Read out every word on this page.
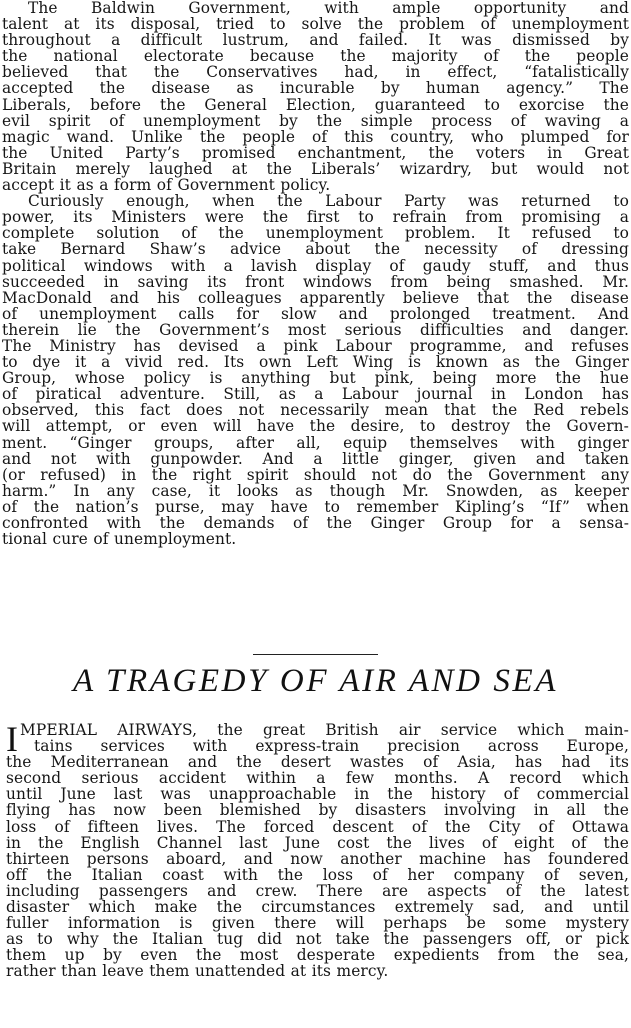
The Baldwin Government, with ample opportunity and
talent at its disposal, tried to solve the problem of unemployment
throughout a difficult lustrum, and failed. It was dismissed by
the national electorate because the majority of the people
believed that the Conservatives had, in effect, “fatalistically
accepted the disease as incurable by human agency.” The
Liberals, before the General Election, guaranteed to exorcise the
evil spirit of unemployment by the simple process of waving a
magic wand. Unlike the people of this country, who plumped for
the United Party’s promised enchantment, the voters in Great
Britain merely laughed at the Liberals’ wizardry, but would not
accept it as a form of Government policy.
Curiously enough, when the Labour Party was returned to
power, its Ministers were the first to refrain from promising a
complete solution of the unemployment problem. It refused to
take Bernard Shaw’s advice about the necessity of dressing
political windows with a lavish display of gaudy stuff, and thus
succeeded in saving its front windows from being smashed. Mr.
MacDonald and his colleagues apparently believe that the disease
of unemployment calls for slow and prolonged treatment. And
therein lie the Government’s most serious difficulties and danger.
The Ministry has devised a pink Labour programme, and refuses
to dye it a vivid red. Its own Left Wing is known as the Ginger
Group, whose policy is anything but pink, being more the hue
of piratical adventure. Still, as a Labour journal in London has
observed, this fact does not necessarily mean that the Red rebels
will attempt, or even will have the desire, to destroy the Govern-
ment. “Ginger groups, after all, equip themselves with ginger
and not with gunpowder. And a little ginger, given and taken
(or refused) in the right spirit should not do the Government any
harm.” In any case, it looks as though Mr. Snowden, as keeper
of the nation’s purse, may have to remember Kipling’s “If” when
confronted with the demands of the Ginger Group for a sensa-
tional cure of unemployment.
A TRAGEDY OF AIR AND SEA
I MPERIAL AIRWAYS, the great British air service which main-
tains services with express-train precision across Europe,
the Mediterranean and the desert wastes of Asia, has had its
second serious accident within a few months. A record which
until June last was unapproachable in the history of commercial
flying has now been blemished by disasters involving in all the
loss of fifteen lives. The forced descent of the City of Ottawa
in the English Channel last June cost the lives of eight of the
thirteen persons aboard, and now another machine has foundered
off the Italian coast with the loss of her company of seven,
including passengers and crew. There are aspects of the latest
disaster which make the circumstances extremely sad, and until
fuller information is given there will perhaps be some mystery
as to why the Italian tug did not take the passengers off, or pick
them up by even the most desperate expedients from the sea,
rather than leave them unattended at its mercy.
